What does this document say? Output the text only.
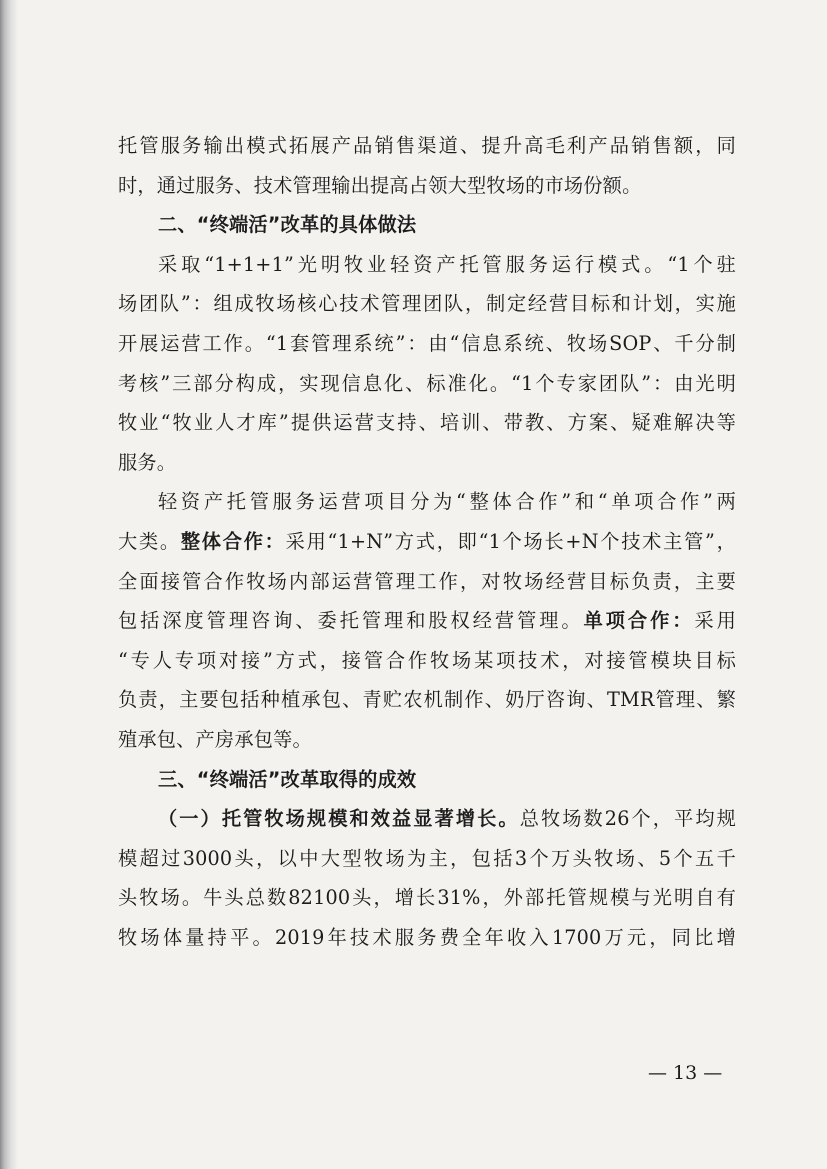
托管服务输出模式拓展产品销售渠道、提升高毛利产品销售额，同
时，通过服务、技术管理输出提高占领大型牧场的市场份额。
二、“终端活”改革的具体做法
采取“1+1+1”光明牧业轻资产托管服务运行模式。“1个驻
场团队”：组成牧场核心技术管理团队，制定经营目标和计划，实施
开展运营工作。“1套管理系统”：由“信息系统、牧场SOP、千分制
考核”三部分构成，实现信息化、标准化。“1个专家团队”：由光明
牧业“牧业人才库”提供运营支持、培训、带教、方案、疑难解决等
服务。
轻资产托管服务运营项目分为“整体合作”和“单项合作”两
大类。整体合作：采用“1+N”方式，即“1个场长+N个技术主管”，
全面接管合作牧场内部运营管理工作，对牧场经营目标负责，主要
包括深度管理咨询、委托管理和股权经营管理。单项合作：采用
“专人专项对接”方式，接管合作牧场某项技术，对接管模块目标
负责，主要包括种植承包、青贮农机制作、奶厅咨询、TMR管理、繁
殖承包、产房承包等。
三、“终端活”改革取得的成效
（一）托管牧场规模和效益显著增长。总牧场数26个，平均规
模超过3000头，以中大型牧场为主，包括3个万头牧场、5个五千
头牧场。牛头总数82100头，增长31%，外部托管规模与光明自有
牧场体量持平。2019年技术服务费全年收入1700万元，同比增
— 13 —
